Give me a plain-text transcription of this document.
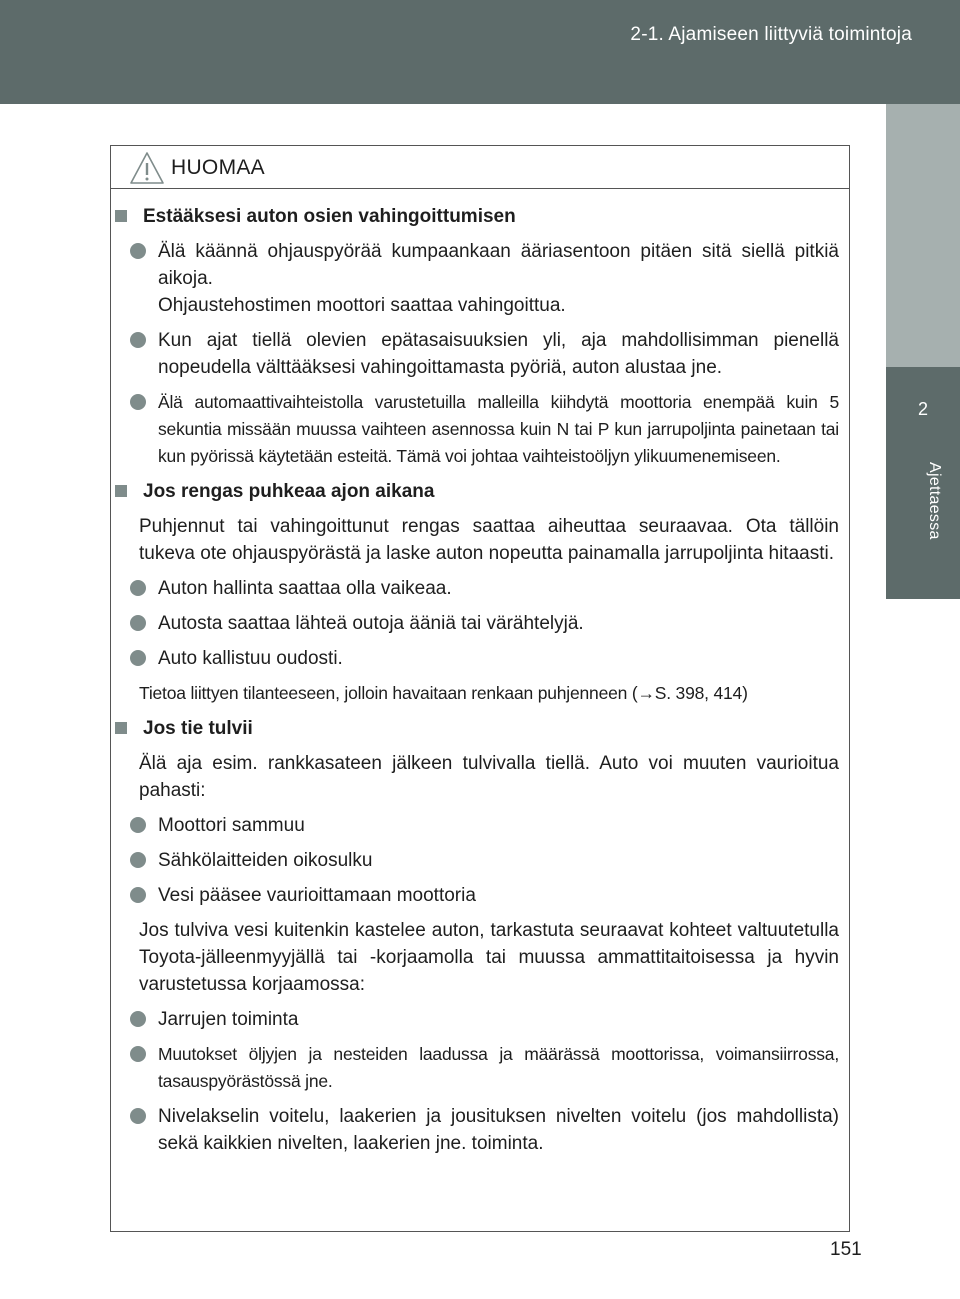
2-1. Ajamiseen liittyviä toimintoja
2
Ajettaessa
HUOMAA
Estääksesi auton osien vahingoittumisen
Älä käännä ohjauspyörää kumpaankaan ääriasentoon pitäen sitä siellä pitkiä aikoja.
Ohjaustehostimen moottori saattaa vahingoittua.
Kun ajat tiellä olevien epätasaisuuksien yli, aja mahdollisimman pienellä nopeudella välttääksesi vahingoittamasta pyöriä, auton alustaa jne.
Älä automaattivaihteistolla varustetuilla malleilla kiihdytä moottoria enempää kuin 5 sekuntia missään muussa vaihteen asennossa kuin N tai P kun jarrupoljinta painetaan tai kun pyörissä käytetään esteitä. Tämä voi johtaa vaihteistoöljyn ylikuumenemiseen.
Jos rengas puhkeaa ajon aikana
Puhjennut tai vahingoittunut rengas saattaa aiheuttaa seuraavaa. Ota tällöin tukeva ote ohjauspyörästä ja laske auton nopeutta painamalla jarrupoljinta hitaasti.
Auton hallinta saattaa olla vaikeaa.
Autosta saattaa lähteä outoja ääniä tai värähtelyjä.
Auto kallistuu oudosti.
Tietoa liittyen tilanteeseen, jolloin havaitaan renkaan puhjenneen (→S. 398, 414)
Jos tie tulvii
Älä aja esim. rankkasateen jälkeen tulvivalla tiellä. Auto voi muuten vaurioitua pahasti:
Moottori sammuu
Sähkölaitteiden oikosulku
Vesi pääsee vaurioittamaan moottoria
Jos tulviva vesi kuitenkin kastelee auton, tarkastuta seuraavat kohteet valtuutetulla Toyota-jälleenmyyjällä tai -korjaamolla tai muussa ammattitaitoisessa ja hyvin varustetussa korjaamossa:
Jarrujen toiminta
Muutokset öljyjen ja nesteiden laadussa ja määrässä moottorissa, voimansiirrossa, tasauspyörästössä jne.
Nivelakselin voitelu, laakerien ja jousituksen nivelten voitelu (jos mahdollista) sekä kaikkien nivelten, laakerien jne. toiminta.
151
